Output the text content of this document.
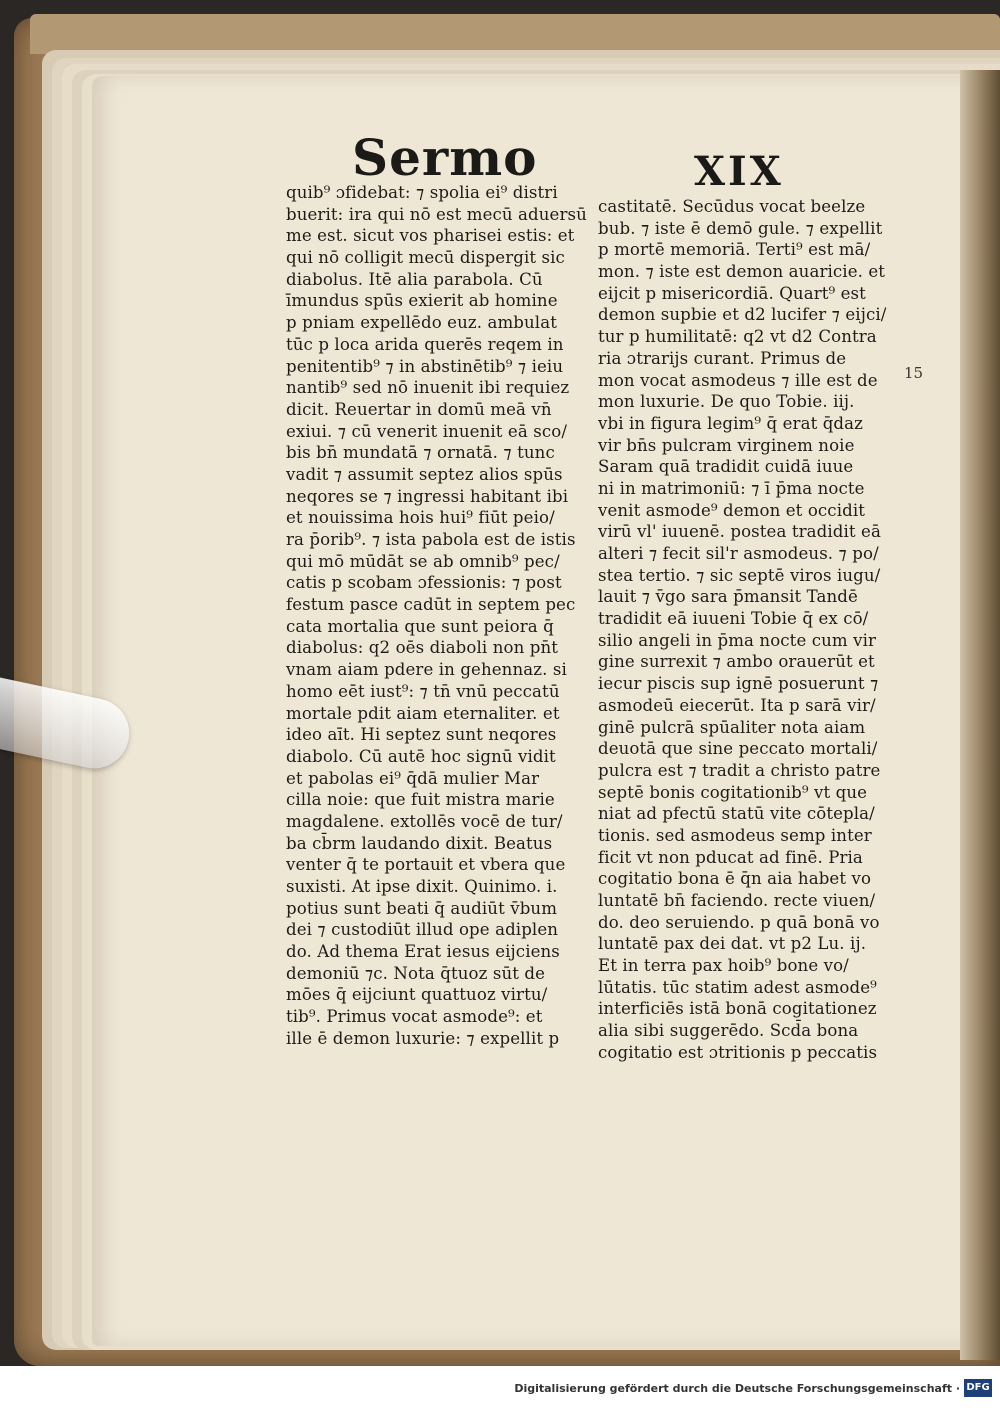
Sermo	XIX
quib⁹ ɔfidebat: ⁊ spolia ei⁹ distri
buerit: ira qui nō est mecū aduersū
me est. sicut vos pharisei estis: et
qui nō colligit mecū dispergit sic
diabolus. Itē alia parabola. Cū
īmundus spūs exierit ab homine
p pniam expellēdo euz. ambulat
tūc p loca arida querēs reqem in
penitentib⁹ ⁊ in abstinētib⁹ ⁊ ieiu
nantib⁹ sed nō inuenit ibi requiez
dicit. Reuertar in domū meā vn̄
exiui. ⁊ cū venerit inuenit eā sco/
bis bn̄ mundatā ⁊ ornatā. ⁊ tunc
vadit ⁊ assumit septez alios spūs
neqores se ⁊ ingressi habitant ibi
et nouissima hois hui⁹ fiūt peio/
ra p̄orib⁹. ⁊ ista pabola est de istis
qui mō mūdāt se ab omnib⁹ pec/
catis p scobam ɔfessionis: ⁊ post
festum pasce cadūt in septem pec
cata mortalia que sunt peiora q̄
diabolus: q2 oēs diaboli non pn̄t
vnam aiam pdere in gehennaz. si
homo eēt iust⁹: ⁊ tn̄ vnū peccatū
mortale pdit aiam eternaliter. et
ideo aīt. Hi septez sunt neqores
diabolo. Cū autē hoc signū vidit
et pabolas ei⁹ q̄dā mulier Mar
cilla noie: que fuit mistra marie
magdalene. extollēs vocē de tur/
ba cb̄rm laudando dixit. Beatus
venter q̄ te portauit et vbera que
suxisti. At ipse dixit. Quinimo. i.
potius sunt beati q̄ audiūt v̄bum
dei ⁊ custodiūt illud ope adiplen
do. Ad thema Erat iesus eijciens
demoniū ⁊c. Nota q̄tuoz sūt de
mōes q̄ eijciunt quattuoz virtu/
tib⁹. Primus vocat asmode⁹: et
ille ē demon luxurie: ⁊ expellit p
castitatē. Secūdus vocat beelze
bub. ⁊ iste ē demō gule. ⁊ expellit
p mortē memoriā. Terti⁹ est mā/
mon. ⁊ iste est demon auaricie. et
eijcit p misericordiā. Quart⁹ est
demon supbie et d2 lucifer ⁊ eijci/
tur p humilitatē: q2 vt d2 Contra
ria ɔtrarijs curant. Primus de
mon vocat asmodeus ⁊ ille est de
mon luxurie. De quo Tobie. iij.
vbi in figura legim⁹ q̄ erat q̄daz
vir bn̄s pulcram virginem noie
Saram quā tradidit cuidā iuue
ni in matrimoniū: ⁊ ī p̄ma nocte
venit asmode⁹ demon et occidit
virū vl' iuuenē. postea tradidit eā
alteri ⁊ fecit sil'r asmodeus. ⁊ po/
stea tertio. ⁊ sic septē viros iugu/
lauit ⁊ v̄go sara p̄mansit Tandē
tradidit eā iuueni Tobie q̄ ex cō/
silio angeli in p̄ma nocte cum vir
gine surrexit ⁊ ambo orauerūt et
iecur piscis sup ignē posuerunt ⁊
asmodeū eiecerūt. Ita p sarā vir/
ginē pulcrā spūaliter nota aiam
deuotā que sine peccato mortali/
pulcra est ⁊ tradit a christo patre
septē bonis cogitationib⁹ vt que
niat ad pfectū statū vite cōtepla/
tionis. sed asmodeus semp inter
ficit vt non pducat ad finē. Pria
cogitatio bona ē q̄n aia habet vo
luntatē bn̄ faciendo. recte viuen/
do. deo seruiendo. p quā bonā vo
luntatē pax dei dat. vt p2 Lu. ij.
Et in terra pax hoib⁹ bone vo/
lūtatis. tūc statim adest asmode⁹
interficiēs istā bonā cogitationez
alia sibi suggerēdo. Scd̄a bona
cogitatio est ɔtritionis p peccatis
15
Digitalisierung gefördert durch die Deutsche Forschungsgemeinschaft · DFG
